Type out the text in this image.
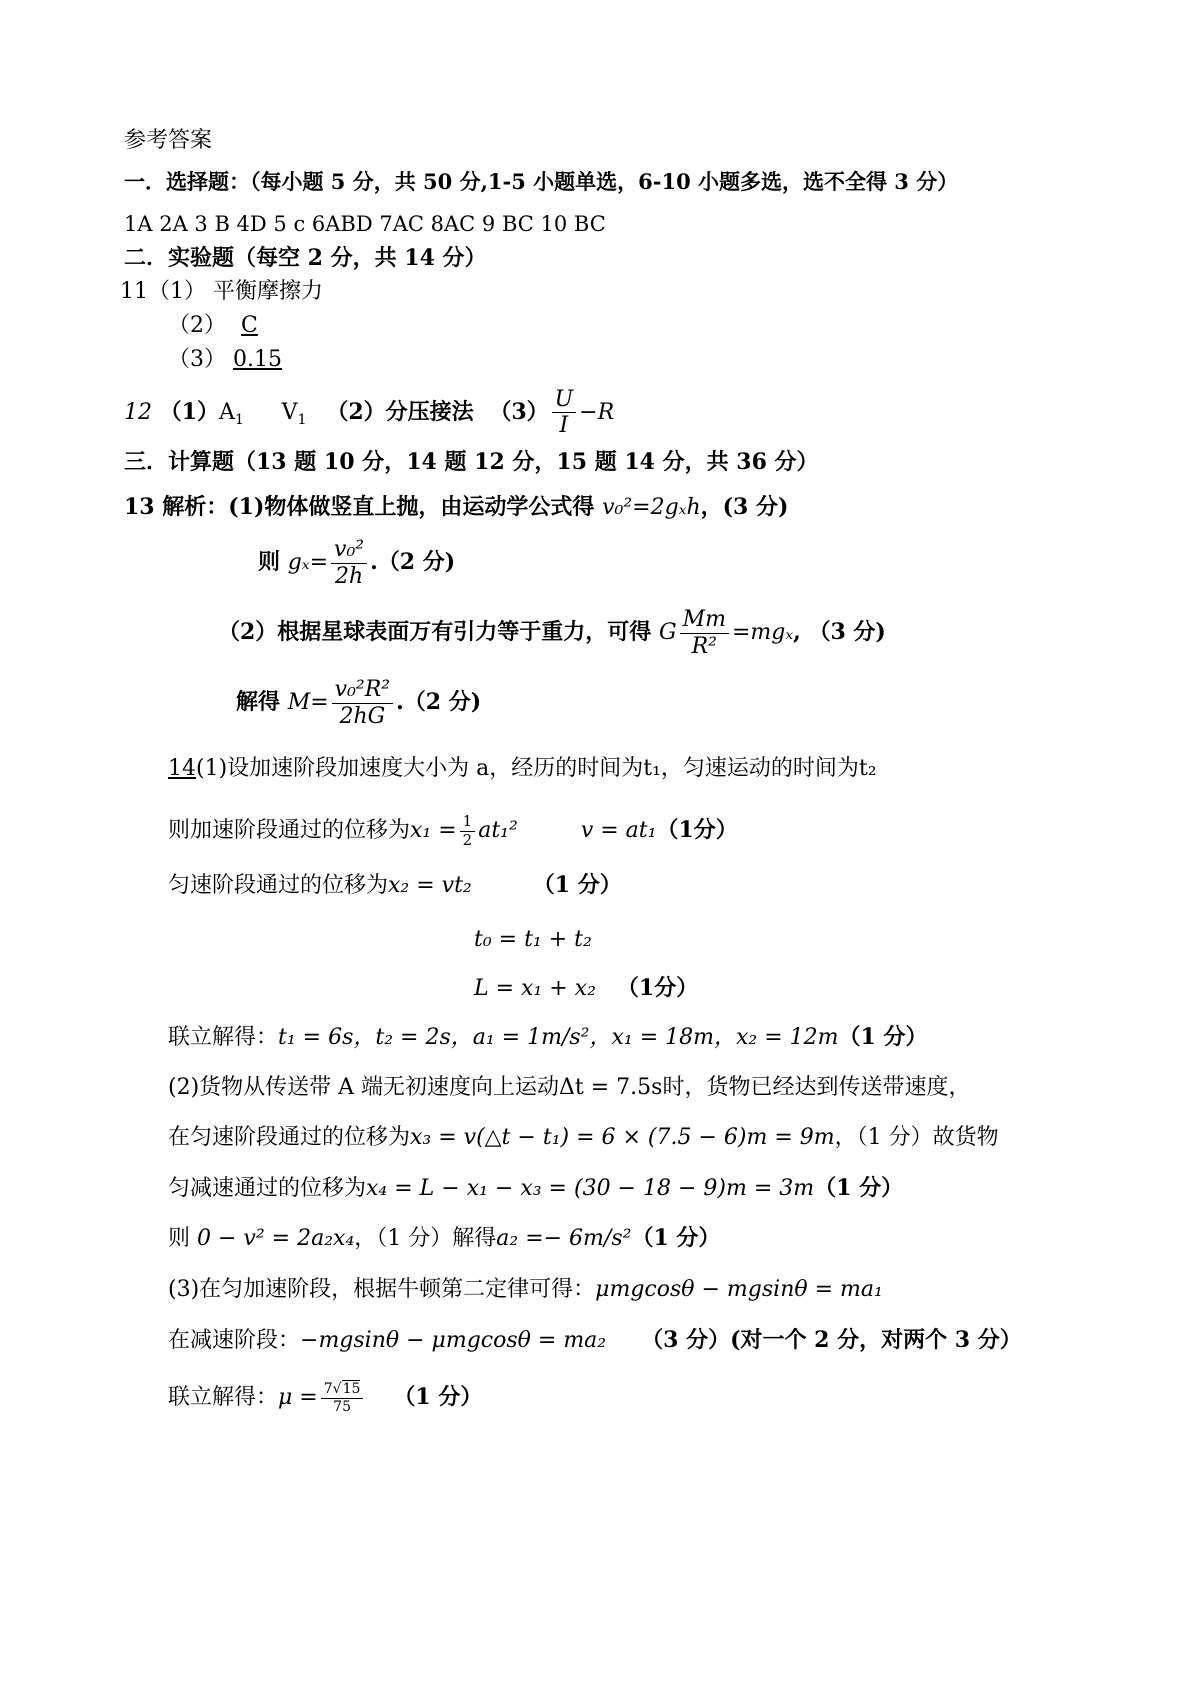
参考答案
一．选择题：（每小题 5 分，共 50 分,1-5 小题单选，6-10 小题多选，选不全得 3 分）
1A 2A 3 B 4D 5 c 6ABD 7AC 8AC 9 BC 10 BC
二．实验题（每空 2 分，共 14 分）
11（1） 平衡摩擦力
（2） C
（3） 0.15
12 $(1)A_1$ $V_1$ （2）分压接法 $(3) \frac{U}{I} -R$
三．计算题（13 题 10 分，14 题 12 分，15 题 14 分，共 36 分）
13 解析：(1)物体做竖直上抛，由运动学公式得 v₀²=2gₓh，(3 分)
则 $g_x= \frac{\text{v₀²}}{2h} .(2$ 分)
（2）根据星球表面万有引力等于重力，可得 G $\frac{Mm}{\text{R²}} =mg_x$, （3 分)
解得 $M= \frac{\text{v₀²R²}}{2hG} .(2$ 分)
14(1)设加速阶段加速度大小为 a，经历的时间为t₁，匀速运动的时间为t₂
则加速阶段通过的位移为$x_1 = \frac{1}{2} at_1^2$	v = at₁（1分）
匀速阶段通过的位移为x₂ = vt₂	（1 分）
t₀ = t₁ + t₂
L = x₁ + x₂ （1分）
联立解得：t₁ = 6s，t₂ = 2s，a₁ = 1m/s²，x₁ = 18m，x₂ = 12m（1 分）
(2)货物从传送带 A 端无初速度向上运动Δt = 7.5s时，货物已经达到传送带速度，
在匀速阶段通过的位移为x₃ = v(△t − t₁) = 6 × (7.5 − 6)m = 9m，（1 分）故货物
匀减速通过的位移为x₄ = L − x₁ − x₃ = (30 − 18 − 9)m = 3m（1 分）
则 0 − v² = 2a₂x₄，（1 分）解得a₂ =− 6m/s²（1 分）
(3)在匀加速阶段，根据牛顿第二定律可得：μmgcosθ − mgsinθ = ma₁
在减速阶段：−mgsinθ − μmgcosθ = ma₂ （3 分）(对一个 2 分，对两个 3 分）
联立解得：$\mu = \frac{7√15}{75} (1$ 分）
